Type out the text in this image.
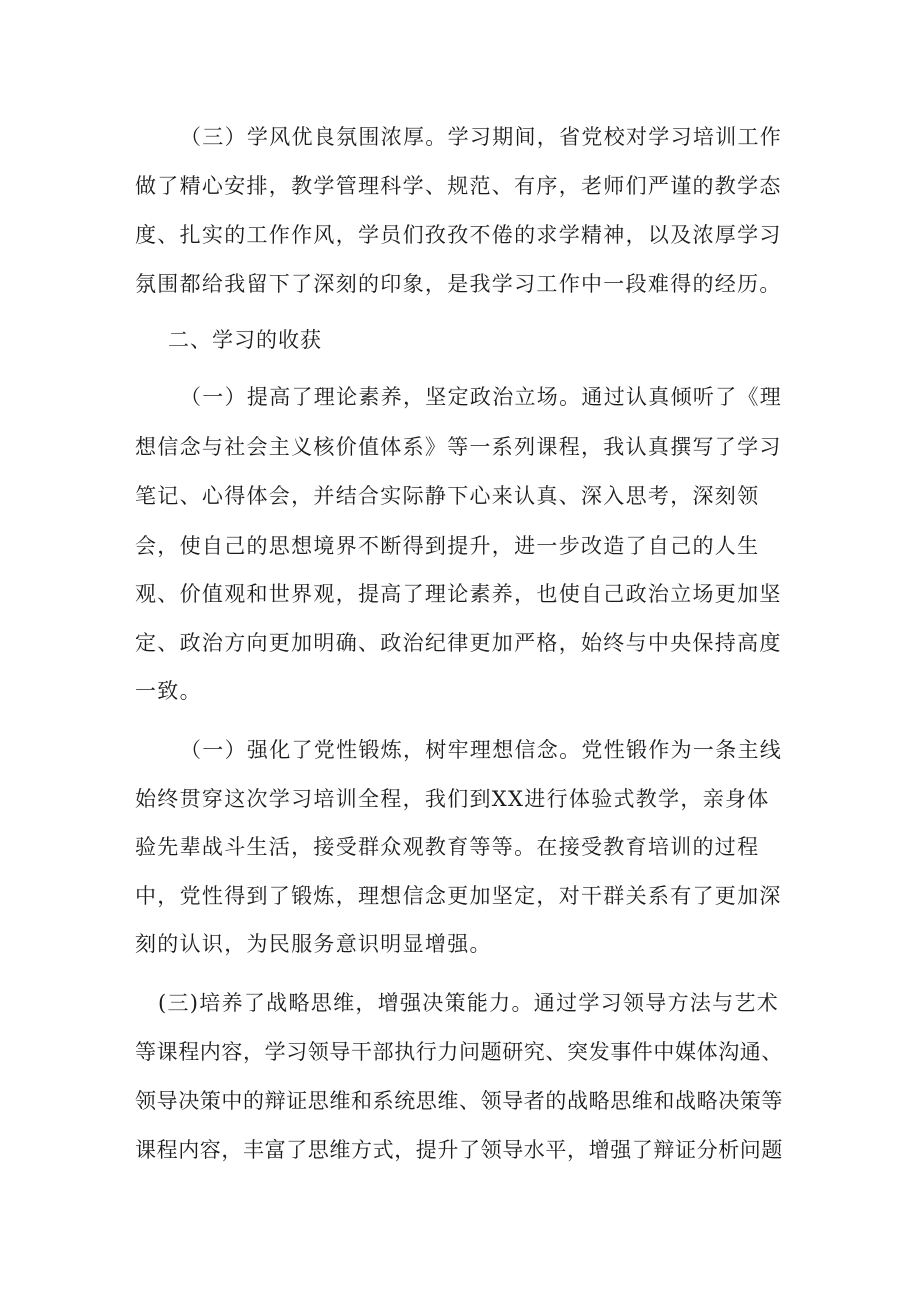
（三）学风优良氛围浓厚。学习期间，省党校对学习培训工作
做了精心安排，教学管理科学、规范、有序，老师们严谨的教学态
度、扎实的工作作风，学员们孜孜不倦的求学精神，以及浓厚学习
氛围都给我留下了深刻的印象，是我学习工作中一段难得的经历。
二、学习的收获
（一）提高了理论素养，坚定政治立场。通过认真倾听了《理
想信念与社会主义核价值体系》等一系列课程，我认真撰写了学习
笔记、心得体会，并结合实际静下心来认真、深入思考，深刻领
会，使自己的思想境界不断得到提升，进一步改造了自己的人生
观、价值观和世界观，提高了理论素养，也使自己政治立场更加坚
定、政治方向更加明确、政治纪律更加严格，始终与中央保持高度
一致。
（一）强化了党性锻炼，树牢理想信念。党性锻作为一条主线
始终贯穿这次学习培训全程，我们到XX进行体验式教学，亲身体
验先辈战斗生活，接受群众观教育等等。在接受教育培训的过程
中，党性得到了锻炼，理想信念更加坚定，对干群关系有了更加深
刻的认识，为民服务意识明显增强。
(三)培养了战略思维，增强决策能力。通过学习领导方法与艺术
等课程内容，学习领导干部执行力问题研究、突发事件中媒体沟通、
领导决策中的辩证思维和系统思维、领导者的战略思维和战略决策等
课程内容，丰富了思维方式，提升了领导水平，增强了辩证分析问题
